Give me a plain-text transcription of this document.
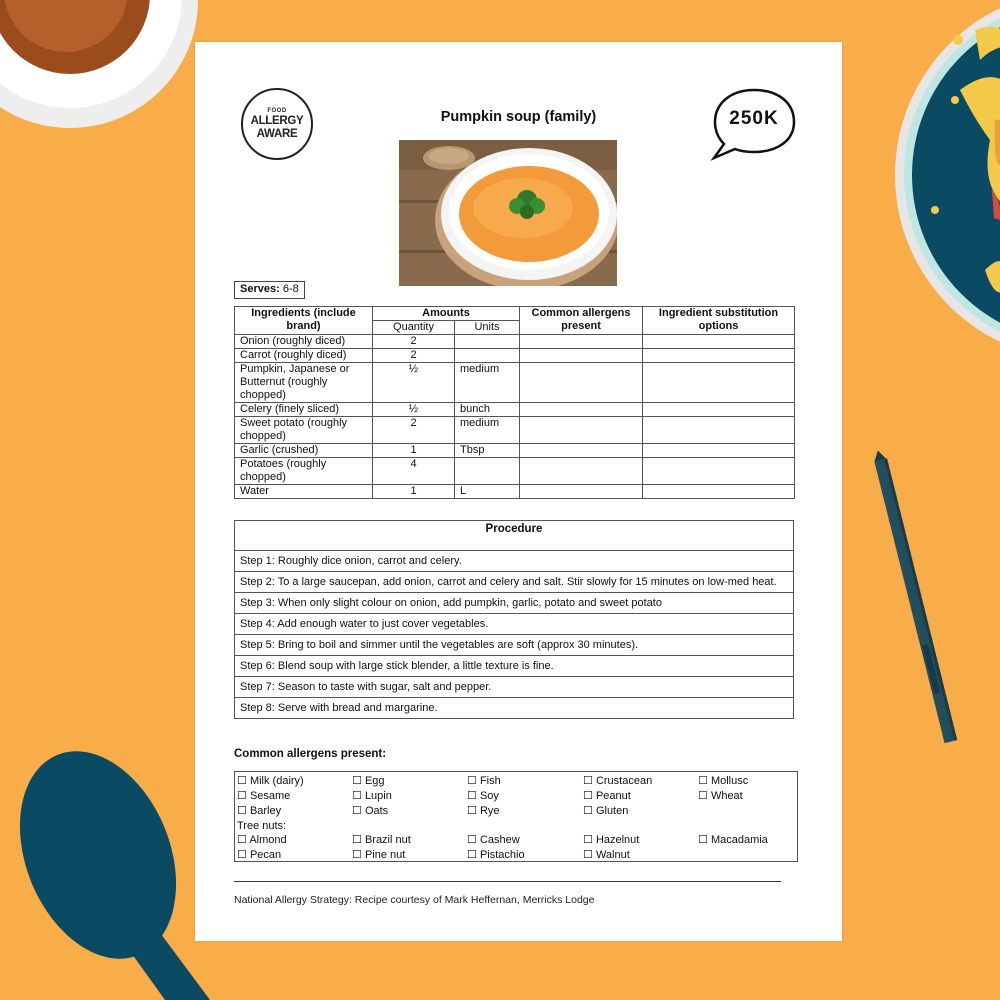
FOOD
ALLERGY
AWARE
Pumpkin soup (family)	250K
Serves: 6-8
Ingredients (include brand)	Amounts		Common allergens present	Ingredient substitution options
	Quantity	Units		
Onion (roughly diced)	2			
Carrot (roughly diced)	2			
Pumpkin, Japanese or Butternut (roughly chopped)	½	medium		
Celery (finely sliced)	½	bunch		
Sweet potato (roughly chopped)	2	medium		
Garlic (crushed)	1	Tbsp		
Potatoes (roughly chopped)	4			
Water	1	L		
Procedure
Step 1: Roughly dice onion, carrot and celery.
Step 2: To a large saucepan, add onion, carrot and celery and salt. Stir slowly for 15 minutes on low-med heat.
Step 3: When only slight colour on onion, add pumpkin, garlic, potato and sweet potato
Step 4: Add enough water to just cover vegetables.
Step 5: Bring to boil and simmer until the vegetables are soft (approx 30 minutes).
Step 6: Blend soup with large stick blender, a little texture is fine.
Step 7: Season to taste with sugar, salt and pepper.
Step 8: Serve with bread and margarine.
Common allergens present:
☐ Milk (dairy)	☐ Egg	☐ Fish	☐ Crustacean	☐ Mollusc
☐ Sesame	☐ Lupin	☐ Soy	☐ Peanut	☐ Wheat
☐ Barley	☐ Oats	☐ Rye	☐ Gluten
Tree nuts:
☐ Almond	☐ Brazil nut	☐ Cashew	☐ Hazelnut	☐ Macadamia
☐ Pecan	☐ Pine nut	☐ Pistachio	☐ Walnut
National Allergy Strategy: Recipe courtesy of Mark Heffernan, Merricks Lodge
